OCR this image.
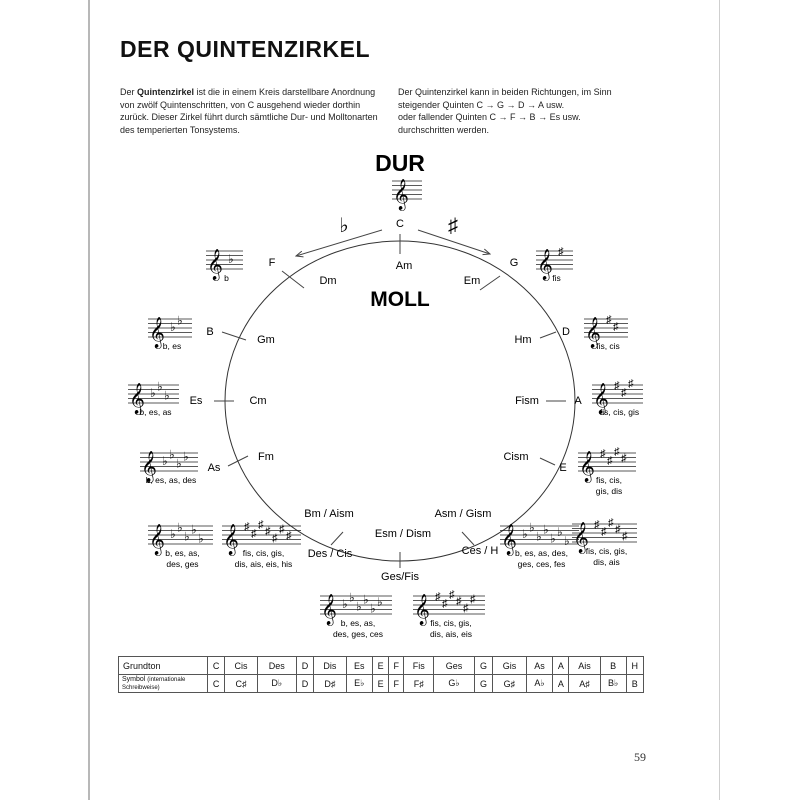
DER QUINTENZIRKEL

Der Quintenzirkel ist die in einem Kreis darstellbare Anordnung von zwölf Quintenschritten, von C ausgehend wieder dorthin zurück. Dieser Zirkel führt durch sämtliche Dur- und Molltonarten des temperierten Tonsystems.

Der Quintenzirkel kann in beiden Richtungen, im Sinn

steigender Quinten C → G → D → A usw.

oder fallender Quinten C → F → B → Es usw.

durchschritten werden.

DUR
MOLL
♭	♯
C
G
D
A
E
Ces / H
Ges/Fis
Des / Cis
As
Es
B
F	Am
Em
Hm
Fism
Cism
Asm / Gism
Esm / Dism
Bm / Aism
Fm
Cm
Gm
Dm
𝄞
𝄞 ♯
fis
𝄞 ♯
♯
fis, cis
𝄞 ♯
♯
♯
fis, cis, gis
𝄞 ♯
♯
♯
♯
fis, cis,
gis, dis
𝄞 ♯
♯
♯
♯
♯
fis, cis, gis,
dis, ais
𝄞 ♯
♯
♯
♯
♯
♯
fis, cis, gis,
dis, ais, eis
𝄞 ♯
♯
♯
♯
♯
♯
♯
fis, cis, gis,
dis, ais, eis, his
𝄞 ♭ ♭
♭ ♭
♭ ♭
♭
b, es, as, des,
ges, ces, fes
𝄞 ♭ ♭
♭ ♭
♭ ♭
b, es, as,
des, ges, ces
𝄞 ♭ ♭
♭ ♭
♭
b, es, as,
des, ges
𝄞 ♭ ♭
♭ ♭
b, es, as, des
𝄞 ♭ ♭
♭
b, es, as
𝄞 ♭ ♭
b, es
𝄞 ♭
b
Grundton	C	Cis	Des	D	Dis	Es	E	F	Fis	Ges	G	Gis	As	A	Ais	B	H
Symbol (internationale Schreibweise)	C	C♯	D♭	D	D♯	E♭	E	F	F♯	G♭	G	G♯	A♭	A	A♯	B♭	B
59
